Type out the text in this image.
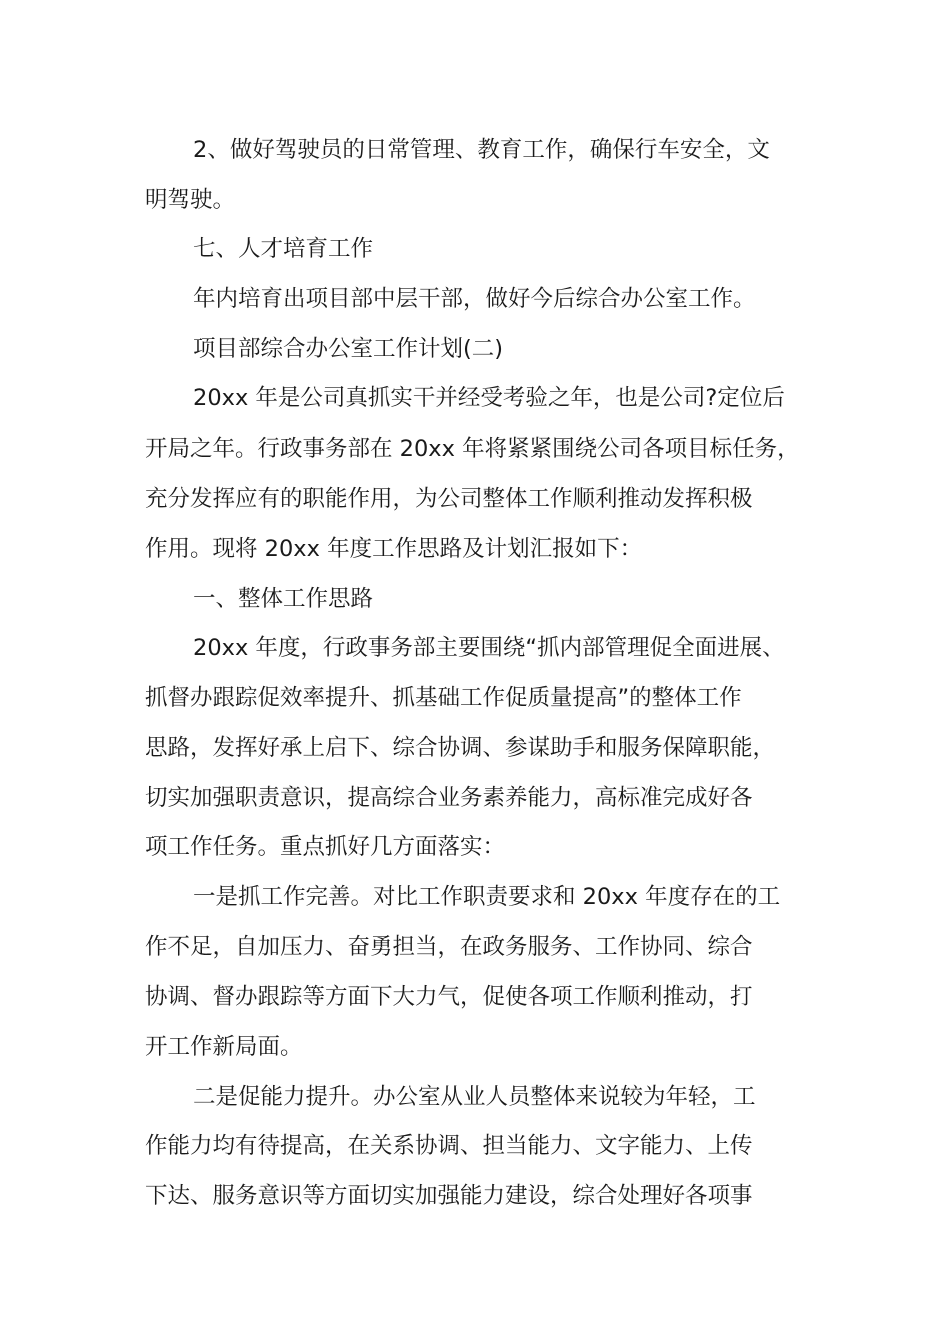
2、做好驾驶员的日常管理、教育工作，确保行车安全，文
明驾驶。
七、人才培育工作
年内培育出项目部中层干部，做好今后综合办公室工作。
项目部综合办公室工作计划(二)
20xx 年是公司真抓实干并经受考验之年，也是公司?定位后
开局之年。行政事务部在 20xx 年将紧紧围绕公司各项目标任务，
充分发挥应有的职能作用，为公司整体工作顺利推动发挥积极
作用。现将 20xx 年度工作思路及计划汇报如下：
一、整体工作思路
20xx 年度，行政事务部主要围绕“抓内部管理促全面进展、
抓督办跟踪促效率提升、抓基础工作促质量提高”的整体工作
思路，发挥好承上启下、综合协调、参谋助手和服务保障职能，
切实加强职责意识，提高综合业务素养能力，高标准完成好各
项工作任务。重点抓好几方面落实：
一是抓工作完善。对比工作职责要求和 20xx 年度存在的工
作不足，自加压力、奋勇担当，在政务服务、工作协同、综合
协调、督办跟踪等方面下大力气，促使各项工作顺利推动，打
开工作新局面。
二是促能力提升。办公室从业人员整体来说较为年轻，工
作能力均有待提高，在关系协调、担当能力、文字能力、上传
下达、服务意识等方面切实加强能力建设，综合处理好各项事
